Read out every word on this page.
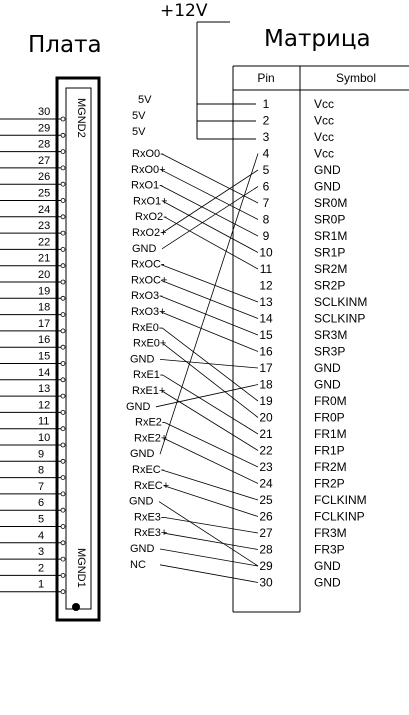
+12V
Плата	Матрица
MGND2
MGND1
30
29
28
27
26
25
24
23
22
21
20
19
18
17
16
15
14
13
12
11
10
9
8
7
6
5
4
3
2
1
Pin	Symbol
1	Vcc
5V
2	Vcc
5V
3	Vcc
5V
4	Vcc
RxO0-
5	GND
RxO0+
6	GND
RxO1-
7	SR0M
RxO1+
8	SR0P
RxO2-
9	SR1M
RxO2+
10	SR1P
GND
11	SR2M
RxOC-
12	SR2P
RxOC+
13	SCLKINM
RxO3-
14	SCLKINP
RxO3+
15	SR3M
RxE0-
16	SR3P
RxE0+
17	GND
GND
18	GND
RxE1-
19	FR0M
RxE1+
20	FR0P
GND
21	FR1M
RxE2-
22	FR1P
RxE2+
23	FR2M
GND
24	FR2P
RxEC-
25	FCLKINM
RxEC+
26	FCLKINP
GND
27	FR3M
RxE3-
28	FR3P
RxE3+
29	GND
GND
30	GND
NC
